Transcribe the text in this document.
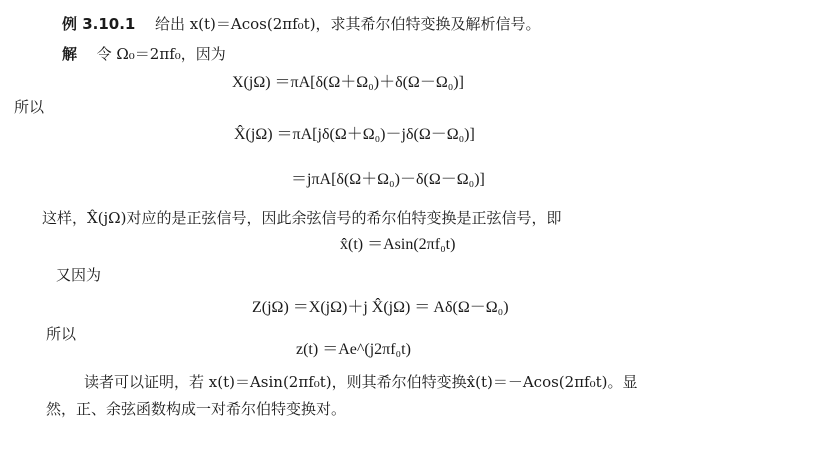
例 3.10.1 给出 x(t)＝Acos(2πf₀t)，求其希尔伯特变换及解析信号。
解 令 Ω₀＝2πf₀，因为
X(jΩ) ＝πA[δ(Ω＋Ω₀)＋δ(Ω－Ω₀)]
所以
X̂(jΩ) ＝πA[jδ(Ω＋Ω₀)－jδ(Ω－Ω₀)]
＝jπA[δ(Ω＋Ω₀)－δ(Ω－Ω₀)]
这样，X̂(jΩ)对应的是正弦信号，因此余弦信号的希尔伯特变换是正弦信号，即
x̂(t) ＝Asin(2πf₀t)
又因为
Z(jΩ) ＝X(jΩ)＋j X̂(jΩ) ＝ Aδ(Ω－Ω₀)
所以
z(t) ＝Ae^(j2πf₀t)
读者可以证明，若 x(t)＝Asin(2πf₀t)，则其希尔伯特变换x̂(t)＝－Acos(2πf₀t)。显
然，正、余弦函数构成一对希尔伯特变换对。
